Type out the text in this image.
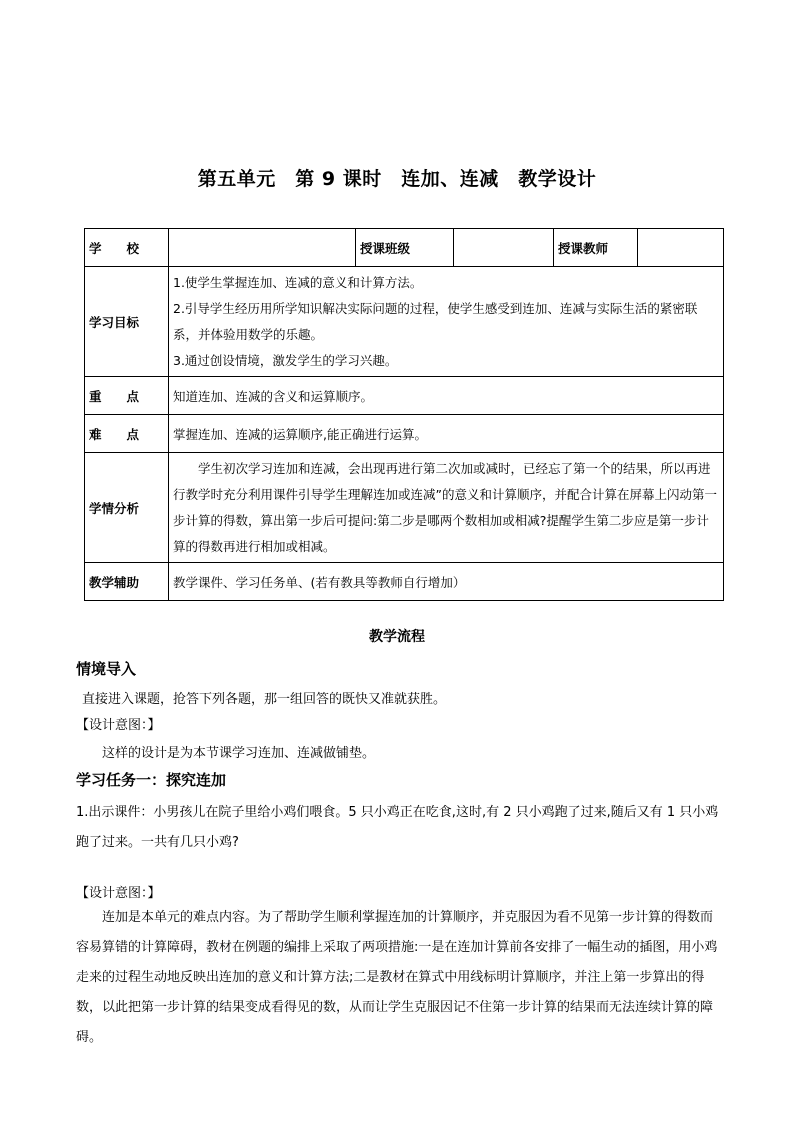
第五单元　第 9 课时　连加、连减　教学设计
学　　校		授课班级		授课教师	
学习目标	1.使学生掌握连加、连减的意义和计算方法。
2.引导学生经历用所学知识解决实际问题的过程，使学生感受到连加、连减与实际生活的紧密联系，并体验用数学的乐趣。
3.通过创设情境，激发学生的学习兴趣。				

重　　点	知道连加、连减的含义和运算顺序。				
难　　点	掌握连加、连减的运算顺序,能正确进行运算。				
学情分析	学生初次学习连加和连减，会出现再进行第二次加或减时，已经忘了第一个的结果，所以再进行教学时充分利用课件引导学生理解连加或连减”的意义和计算顺序，并配合计算在屏幕上闪动第一步计算的得数，算出第一步后可提问:第二步是哪两个数相加或相减?提醒学生第二步应是第一步计算的得数再进行相加或相减。				
教学辅助	教学课件、学习任务单、(若有教具等教师自行增加）				
教学流程
情境导入
直接进入课题，抢答下列各题，那一组回答的既快又准就获胜。
【设计意图：】
这样的设计是为本节课学习连加、连减做铺垫。
学习任务一：探究连加
1.出示课件：小男孩儿在院子里给小鸡们喂食。5 只小鸡正在吃食,这时,有 2 只小鸡跑了过来,随后又有 1 只小鸡跑了过来。一共有几只小鸡?
【设计意图：】
连加是本单元的难点内容。为了帮助学生顺利掌握连加的计算顺序，并克服因为看不见第一步计算的得数而容易算错的计算障碍，教材在例题的编排上采取了两项措施:一是在连加计算前各安排了一幅生动的插图，用小鸡走来的过程生动地反映出连加的意义和计算方法;二是教材在算式中用线标明计算顺序，并注上第一步算出的得数，以此把第一步计算的结果变成看得见的数，从而让学生克服因记不住第一步计算的结果而无法连续计算的障碍。
